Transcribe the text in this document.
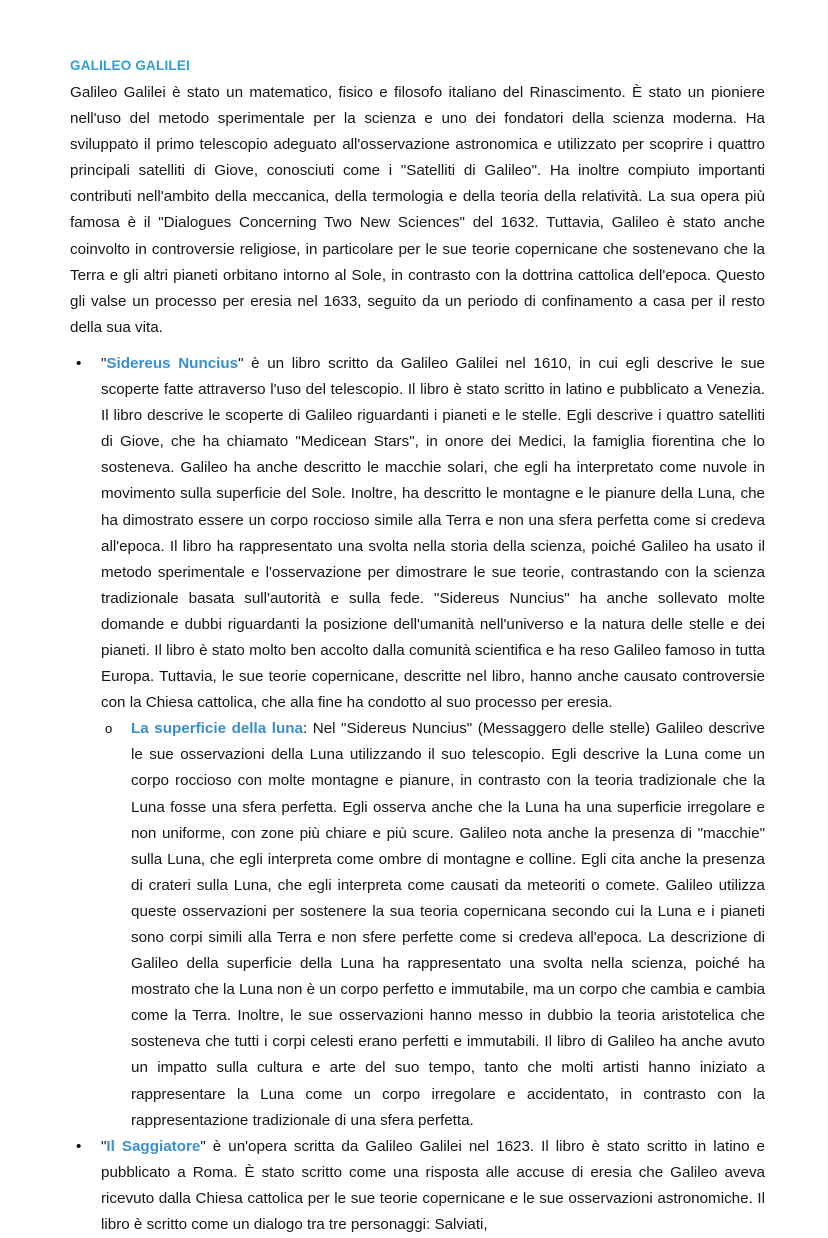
GALILEO GALILEI

Galileo Galilei è stato un matematico, fisico e filosofo italiano del Rinascimento. È stato un pioniere nell'uso del metodo sperimentale per la scienza e uno dei fondatori della scienza moderna. Ha sviluppato il primo telescopio adeguato all'osservazione astronomica e utilizzato per scoprire i quattro principali satelliti di Giove, conosciuti come i "Satelliti di Galileo". Ha inoltre compiuto importanti contributi nell'ambito della meccanica, della termologia e della teoria della relatività. La sua opera più famosa è il "Dialogues Concerning Two New Sciences" del 1632. Tuttavia, Galileo è stato anche coinvolto in controversie religiose, in particolare per le sue teorie copernicane che sostenevano che la Terra e gli altri pianeti orbitano intorno al Sole, in contrasto con la dottrina cattolica dell'epoca. Questo gli valse un processo per eresia nel 1633, seguito da un periodo di confinamento a casa per il resto della sua vita.

•	"Sidereus Nuncius" è un libro scritto da Galileo Galilei nel 1610, in cui egli descrive le sue scoperte fatte attraverso l'uso del telescopio. Il libro è stato scritto in latino e pubblicato a Venezia. Il libro descrive le scoperte di Galileo riguardanti i pianeti e le stelle. Egli descrive i quattro satelliti di Giove, che ha chiamato "Medicean Stars", in onore dei Medici, la famiglia fiorentina che lo sosteneva. Galileo ha anche descritto le macchie solari, che egli ha interpretato come nuvole in movimento sulla superficie del Sole. Inoltre, ha descritto le montagne e le pianure della Luna, che ha dimostrato essere un corpo roccioso simile alla Terra e non una sfera perfetta come si credeva all'epoca. Il libro ha rappresentato una svolta nella storia della scienza, poiché Galileo ha usato il metodo sperimentale e l'osservazione per dimostrare le sue teorie, contrastando con la scienza tradizionale basata sull'autorità e sulla fede. "Sidereus Nuncius" ha anche sollevato molte domande e dubbi riguardanti la posizione dell'umanità nell'universo e la natura delle stelle e dei pianeti. Il libro è stato molto ben accolto dalla comunità scientifica e ha reso Galileo famoso in tutta Europa. Tuttavia, le sue teorie copernicane, descritte nel libro, hanno anche causato controversie con la Chiesa cattolica, che alla fine ha condotto al suo processo per eresia.

o	La superficie della luna: Nel "Sidereus Nuncius" (Messaggero delle stelle) Galileo descrive le sue osservazioni della Luna utilizzando il suo telescopio. Egli descrive la Luna come un corpo roccioso con molte montagne e pianure, in contrasto con la teoria tradizionale che la Luna fosse una sfera perfetta. Egli osserva anche che la Luna ha una superficie irregolare e non uniforme, con zone più chiare e più scure. Galileo nota anche la presenza di "macchie" sulla Luna, che egli interpreta come ombre di montagne e colline. Egli cita anche la presenza di crateri sulla Luna, che egli interpreta come causati da meteoriti o comete. Galileo utilizza queste osservazioni per sostenere la sua teoria copernicana secondo cui la Luna e i pianeti sono corpi simili alla Terra e non sfere perfette come si credeva all'epoca. La descrizione di Galileo della superficie della Luna ha rappresentato una svolta nella scienza, poiché ha mostrato che la Luna non è un corpo perfetto e immutabile, ma un corpo che cambia e cambia come la Terra. Inoltre, le sue osservazioni hanno messo in dubbio la teoria aristotelica che sosteneva che tutti i corpi celesti erano perfetti e immutabili. Il libro di Galileo ha anche avuto un impatto sulla cultura e arte del suo tempo, tanto che molti artisti hanno iniziato a rappresentare la Luna come un corpo irregolare e accidentato, in contrasto con la rappresentazione tradizionale di una sfera perfetta.

•	"Il Saggiatore" è un'opera scritta da Galileo Galilei nel 1623. Il libro è stato scritto in latino e pubblicato a Roma. È stato scritto come una risposta alle accuse di eresia che Galileo aveva ricevuto dalla Chiesa cattolica per le sue teorie copernicane e le sue osservazioni astronomiche. Il libro è scritto come un dialogo tra tre personaggi: Salviati,
